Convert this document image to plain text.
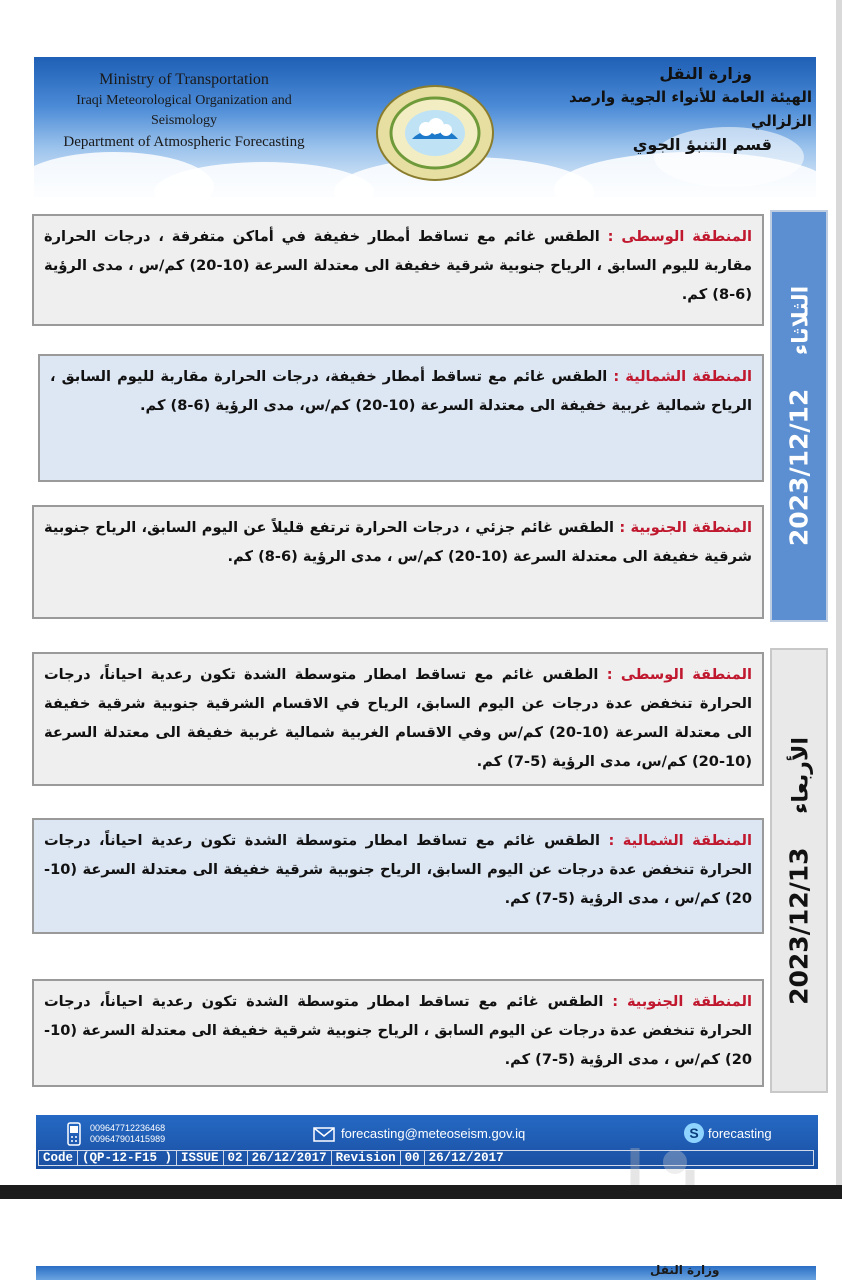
Ministry of Transportation
Iraqi Meteorological Organization and Seismology
Department of Atmospheric Forecasting
وزارة النقل
الهيئة العامة للأنواء الجوية وارصد الزلزالي
قسم التنبؤ الجوي
المنطقة الوسطى : الطقس غائم مع تساقط أمطار خفيفة في أماكن متفرقة ، درجات الحرارة مقاربة لليوم السابق ، الرياح جنوبية شرقية خفيفة الى معتدلة السرعة (10-20) كم/س ، مدى الرؤية (6-8) كم.
المنطقة الشمالية : الطقس غائم مع تساقط أمطار خفيفة، درجات الحرارة مقاربة لليوم السابق ، الرياح شمالية غربية خفيفة الى معتدلة السرعة (10-20) كم/س، مدى الرؤية (6-8) كم.
المنطقة الجنوبية : الطقس غائم جزئي ، درجات الحرارة ترتفع قليلاً عن اليوم السابق، الرياح جنوبية شرقية خفيفة الى معتدلة السرعة (10-20) كم/س ، مدى الرؤية (6-8) كم.
2023/12/12 الثلاثاء
المنطقة الوسطى : الطقس غائم مع تساقط امطار متوسطة الشدة تكون رعدية احياناً، درجات الحرارة تنخفض عدة درجات عن اليوم السابق، الرياح في الاقسام الشرقية جنوبية شرقية خفيفة الى معتدلة السرعة (10-20) كم/س وفي الاقسام الغربية شمالية غربية خفيفة الى معتدلة السرعة (10-20) كم/س، مدى الرؤية (5-7) كم.
المنطقة الشمالية : الطقس غائم مع تساقط امطار متوسطة الشدة تكون رعدية احياناً، درجات الحرارة تنخفض عدة درجات عن اليوم السابق، الرياح جنوبية شرقية خفيفة الى معتدلة السرعة (10-20) كم/س ، مدى الرؤية (5-7) كم.
المنطقة الجنوبية : الطقس غائم مع تساقط امطار متوسطة الشدة تكون رعدية احياناً، درجات الحرارة تنخفض عدة درجات عن اليوم السابق ، الرياح جنوبية شرقية خفيفة الى معتدلة السرعة (10-20) كم/س ، مدى الرؤية (5-7) كم.
2023/12/13 الأربعاء
009647712236468
009647901415989	forecasting@meteoseism.gov.iq	S forecasting
Code (QP-12-F15 ) ISSUE 02 26/12/2017 Revision 00 26/12/2017
وزارة النقل
